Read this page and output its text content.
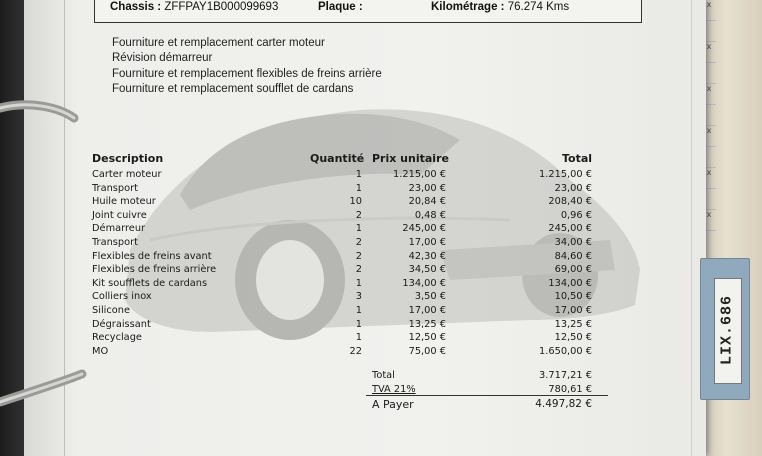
x
x
x
x
x
x
Chassis : ZFFPAY1B000099693	Plaque :	Kilométrage : 76.274 Kms
Fourniture et remplacement carter moteur
Révision démarreur
Fourniture et remplacement flexibles de freins arrière
Fourniture et remplacement soufflet de cardans
Description	Quantité Prix unitaire	Total
Carter moteur	1	1.215,00 €	1.215,00 €
Transport	1	23,00 €	23,00 €
Huile moteur	10	20,84 €	208,40 €
Joint cuivre	2	0,48 €	0,96 €
Démarreur	1	245,00 €	245,00 €
Transport	2	17,00 €	34,00 €
Flexibles de freins avant	2	42,30 €	84,60 €
Flexibles de freins arrière	2	34,50 €	69,00 €
Kit soufflets de cardans	1	134,00 €	134,00 €
Colliers inox	3	3,50 €	10,50 €
Silicone	1	17,00 €	17,00 €
Dégraissant	1	13,25 €	13,25 €
Recyclage	1	12,50 €	12,50 €
MO	22	75,00 €	1.650,00 €
Total	3.717,21 €
TVA 21%	780,61 €
A Payer	4.497,82 €
LIX.686
